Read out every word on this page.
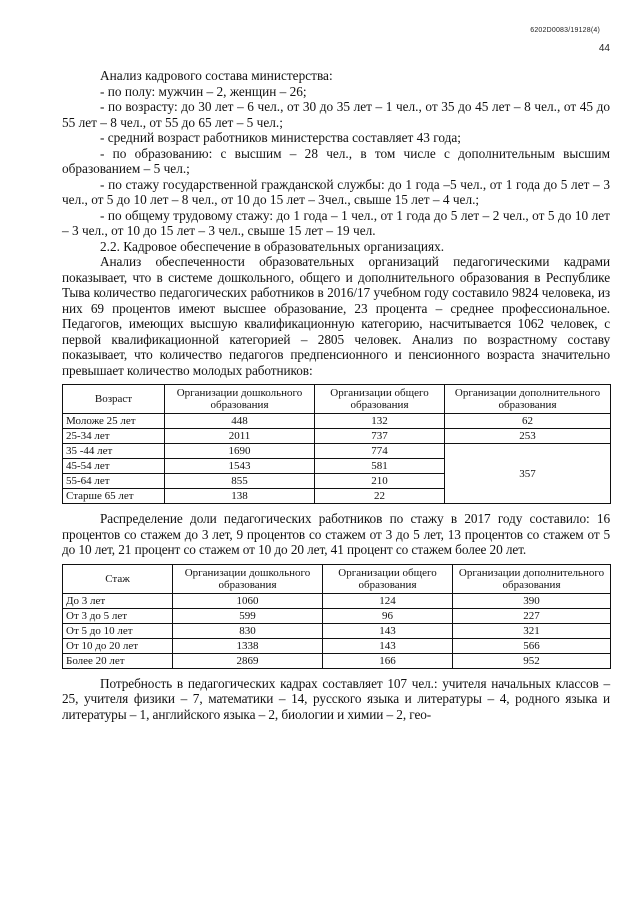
6202D0083/19128(4)
44

Анализ кадрового состава министерства:

- по полу: мужчин – 2, женщин – 26;

- по возрасту: до 30 лет – 6 чел., от 30 до 35 лет – 1 чел., от 35 до 45 лет – 8 чел., от 45 до 55 лет – 8 чел., от 55 до 65 лет – 5 чел.;

- средний возраст работников министерства составляет 43 года;

- по образованию: с высшим – 28 чел., в том числе с дополнительным высшим образованием – 5 чел.;

- по стажу государственной гражданской службы: до 1 года –5 чел., от 1 года до 5 лет – 3 чел., от 5 до 10 лет – 8 чел., от 10 до 15 лет – 3чел., свыше 15 лет – 4 чел.;

- по общему трудовому стажу: до 1 года – 1 чел., от 1 года до 5 лет – 2 чел., от 5 до 10 лет – 3 чел., от 10 до 15 лет – 3 чел., свыше 15 лет – 19 чел.

2.2. Кадровое обеспечение в образовательных организациях.

Анализ обеспеченности образовательных организаций педагогическими кадрами показывает, что в системе дошкольного, общего и дополнительного образования в Республике Тыва количество педагогических работников в 2016/17 учебном году составило 9824 человека, из них 69 процентов имеют высшее образование, 23 процента – среднее профессиональное. Педагогов, имеющих высшую квалификационную категорию, насчитывается 1062 человек, с первой квалификационной категорией – 2805 человек. Анализ по возрастному составу показывает, что количество педагогов предпенсионного и пенсионного возраста значительно превышает количество молодых работников:

Возраст	Организации дошкольного образования	Организации общего образования	Организации дополнительного образования
Моложе 25 лет	448	132	62
25-34 лет	2011	737	253
35 -44 лет	1690	774	357
45-54 лет	1543	581	
55-64 лет	855	210	
Старше 65 лет	138	22	

Распределение доли педагогических работников по стажу в 2017 году составило: 16 процентов со стажем до 3 лет, 9 процентов со стажем от 3 до 5 лет, 13 процентов со стажем от 5 до 10 лет, 21 процент со стажем от 10 до 20 лет, 41 процент со стажем более 20 лет.

Стаж	Организации дошкольного образования	Организации общего образования	Организации дополнительного образования
До 3 лет	1060	124	390
От 3 до 5 лет	599	96	227
От 5 до 10 лет	830	143	321
От 10 до 20 лет	1338	143	566
Более 20 лет	2869	166	952

Потребность в педагогических кадрах составляет 107 чел.: учителя начальных классов – 25, учителя физики – 7, математики – 14, русского языка и литературы – 4, родного языка и литературы – 1, английского языка – 2, биологии и химии – 2, гео-
